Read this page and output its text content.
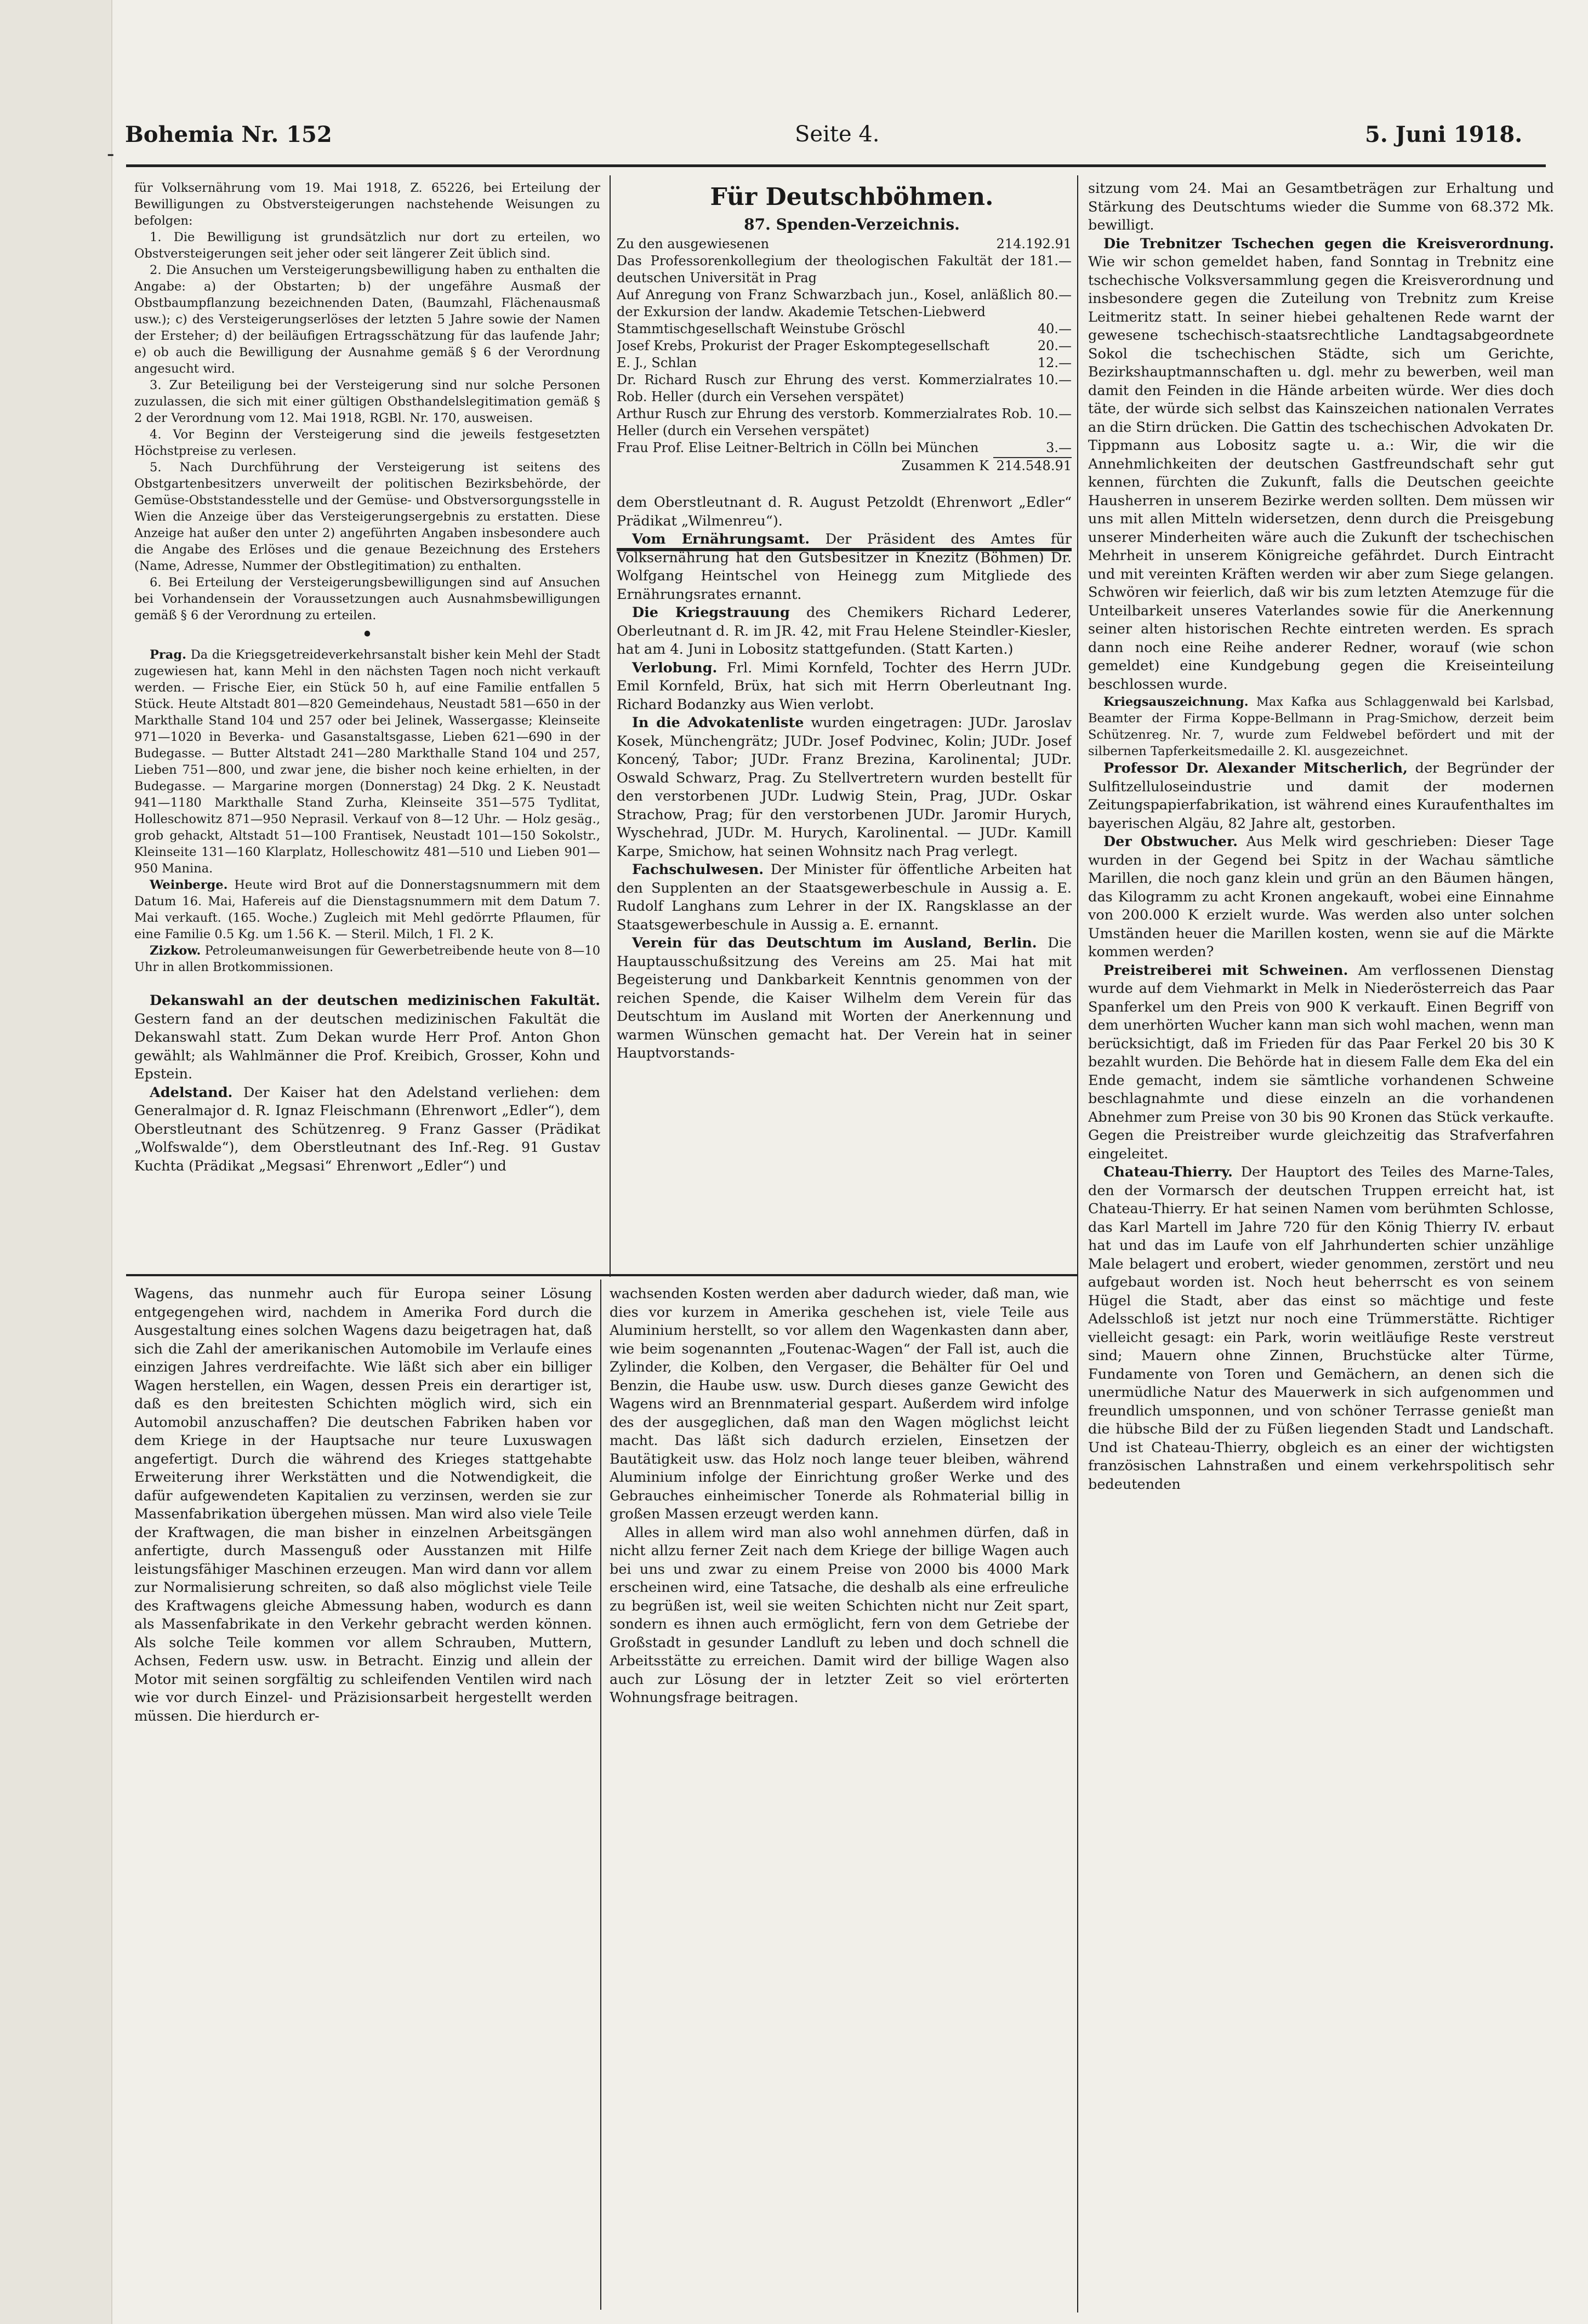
-
Bohemia Nr. 152	Seite 4.	5. Juni 1918.

für Volksernährung vom 19. Mai 1918, Z. 65226, bei Erteilung der Bewilligungen zu Obstversteigerungen nachstehende Weisungen zu befolgen:

1. Die Bewilligung ist grundsätzlich nur dort zu erteilen, wo Obstversteigerungen seit jeher oder seit längerer Zeit üblich sind.

2. Die Ansuchen um Versteigerungsbewilligung haben zu enthalten die Angabe: a) der Obstarten; b) der ungefähre Ausmaß der Obstbaumpflanzung bezeichnenden Daten, (Baumzahl, Flächenausmaß usw.); c) des Versteigerungserlöses der letzten 5 Jahre sowie der Namen der Ersteher; d) der beiläufigen Ertragsschätzung für das laufende Jahr; e) ob auch die Bewilligung der Ausnahme gemäß § 6 der Verordnung angesucht wird.

3. Zur Beteiligung bei der Versteigerung sind nur solche Personen zuzulassen, die sich mit einer gültigen Obsthandelslegitimation gemäß § 2 der Verordnung vom 12. Mai 1918, RGBl. Nr. 170, ausweisen.

4. Vor Beginn der Versteigerung sind die jeweils festgesetzten Höchstpreise zu verlesen.

5. Nach Durchführung der Versteigerung ist seitens des Obstgartenbesitzers unverweilt der politischen Bezirksbehörde, der Gemüse-Obststandesstelle und der Gemüse- und Obstversorgungsstelle in Wien die Anzeige über das Versteigerungsergebnis zu erstatten. Diese Anzeige hat außer den unter 2) angeführten Angaben insbesondere auch die Angabe des Erlöses und die genaue Bezeichnung des Erstehers (Name, Adresse, Nummer der Obstlegitimation) zu enthalten.

6. Bei Erteilung der Versteigerungsbewilligungen sind auf Ansuchen bei Vorhandensein der Voraussetzungen auch Ausnahmsbewilligungen gemäß § 6 der Verordnung zu erteilen.

•

Prag. Da die Kriegsgetreideverkehrsanstalt bisher kein Mehl der Stadt zugewiesen hat, kann Mehl in den nächsten Tagen noch nicht verkauft werden. — Frische Eier, ein Stück 50 h, auf eine Familie entfallen 5 Stück. Heute Altstadt 801—820 Gemeindehaus, Neustadt 581—650 in der Markthalle Stand 104 und 257 oder bei Jelinek, Wassergasse; Kleinseite 971—1020 in Beverka- und Gasanstaltsgasse, Lieben 621—690 in der Budegasse. — Butter Altstadt 241—280 Markthalle Stand 104 und 257, Lieben 751—800, und zwar jene, die bisher noch keine erhielten, in der Budegasse. — Margarine morgen (Donnerstag) 24 Dkg. 2 K. Neustadt 941—1180 Markthalle Stand Zurha, Kleinseite 351—575 Tydlitat, Holleschowitz 871—950 Neprasil. Verkauf von 8—12 Uhr. — Holz gesäg., grob gehackt, Altstadt 51—100 Frantisek, Neustadt 101—150 Sokolstr., Kleinseite 131—160 Klarplatz, Holleschowitz 481—510 und Lieben 901—950 Manina.

Weinberge. Heute wird Brot auf die Donnerstagsnummern mit dem Datum 16. Mai, Hafereis auf die Dienstagsnummern mit dem Datum 7. Mai verkauft. (165. Woche.) Zugleich mit Mehl gedörrte Pflaumen, für eine Familie 0.5 Kg. um 1.56 K. — Steril. Milch, 1 Fl. 2 K.

Zizkow. Petroleumanweisungen für Gewerbetreibende heute von 8—10 Uhr in allen Brotkommissionen.

Dekanswahl an der deutschen medizinischen Fakultät. Gestern fand an der deutschen medizinischen Fakultät die Dekanswahl statt. Zum Dekan wurde Herr Prof. Anton Ghon gewählt; als Wahlmänner die Prof. Kreibich, Grosser, Kohn und Epstein.

Adelstand. Der Kaiser hat den Adelstand verliehen: dem Generalmajor d. R. Ignaz Fleischmann (Ehrenwort „Edler“), dem Oberstleutnant des Schützenreg. 9 Franz Gasser (Prädikat „Wolfswalde“), dem Oberstleutnant des Inf.-Reg. 91 Gustav Kuchta (Prädikat „Megsasi“ Ehrenwort „Edler“) und

Für Deutschböhmen.

87. Spenden-Verzeichnis.

Zu den ausgewiesenen	214.192.91
Das Professorenkollegium der theologischen Fakultät der deutschen Universität in Prag
181.—
Auf Anregung von Franz Schwarzbach jun., Kosel, anläßlich der Exkursion der landw. Akademie Tetschen-Liebwerd
80.—
Stammtischgesellschaft Weinstube Gröschl	40.—
Josef Krebs, Prokurist der Prager Eskomptegesellschaft	20.—
E. J., Schlan	12.—
Dr. Richard Rusch zur Ehrung des verst. Kommerzialrates Rob. Heller (durch ein Versehen verspätet)
10.—
Arthur Rusch zur Ehrung des verstorb. Kommerzialrates Rob. Heller (durch ein Versehen verspätet)
10.—
Frau Prof. Elise Leitner-Beltrich in Cölln bei München	3.—
Zusammen K 214.548.91

dem Oberstleutnant d. R. August Petzoldt (Ehrenwort „Edler“ Prädikat „Wilmenreu“).

Vom Ernährungsamt. Der Präsident des Amtes für Volksernährung hat den Gutsbesitzer in Knezitz (Böhmen) Dr. Wolfgang Heintschel von Heinegg zum Mitgliede des Ernährungsrates ernannt.

Die Kriegstrauung des Chemikers Richard Lederer, Oberleutnant d. R. im JR. 42, mit Frau Helene Steindler-Kiesler, hat am 4. Juni in Lobositz stattgefunden. (Statt Karten.)

Verlobung. Frl. Mimi Kornfeld, Tochter des Herrn JUDr. Emil Kornfeld, Brüx, hat sich mit Herrn Oberleutnant Ing. Richard Bodanzky aus Wien verlobt.

In die Advokatenliste wurden eingetragen: JUDr. Jaroslav Kosek, Münchengrätz; JUDr. Josef Podvinec, Kolin; JUDr. Josef Koncený, Tabor; JUDr. Franz Brezina, Karolinental; JUDr. Oswald Schwarz, Prag. Zu Stellvertretern wurden bestellt für den verstorbenen JUDr. Ludwig Stein, Prag, JUDr. Oskar Strachow, Prag; für den verstorbenen JUDr. Jaromir Hurych, Wyschehrad, JUDr. M. Hurych, Karolinental. — JUDr. Kamill Karpe, Smichow, hat seinen Wohnsitz nach Prag verlegt.

Fachschulwesen. Der Minister für öffentliche Arbeiten hat den Supplenten an der Staatsgewerbeschule in Aussig a. E. Rudolf Langhans zum Lehrer in der IX. Rangsklasse an der Staatsgewerbeschule in Aussig a. E. ernannt.

Verein für das Deutschtum im Ausland, Berlin. Die Hauptausschußsitzung des Vereins am 25. Mai hat mit Begeisterung und Dankbarkeit Kenntnis genommen von der reichen Spende, die Kaiser Wilhelm dem Verein für das Deutschtum im Ausland mit Worten der Anerkennung und warmen Wünschen gemacht hat. Der Verein hat in seiner Hauptvorstands-

sitzung vom 24. Mai an Gesamtbeträgen zur Erhaltung und Stärkung des Deutschtums wieder die Summe von 68.372 Mk. bewilligt.

Die Trebnitzer Tschechen gegen die Kreisverordnung. Wie wir schon gemeldet haben, fand Sonntag in Trebnitz eine tschechische Volksversammlung gegen die Kreisverordnung und insbesondere gegen die Zuteilung von Trebnitz zum Kreise Leitmeritz statt. In seiner hiebei gehaltenen Rede warnt der gewesene tschechisch-staatsrechtliche Landtagsabgeordnete Sokol die tschechischen Städte, sich um Gerichte, Bezirkshauptmannschaften u. dgl. mehr zu bewerben, weil man damit den Feinden in die Hände arbeiten würde. Wer dies doch täte, der würde sich selbst das Kainszeichen nationalen Verrates an die Stirn drücken. Die Gattin des tschechischen Advokaten Dr. Tippmann aus Lobositz sagte u. a.: Wir, die wir die Annehmlichkeiten der deutschen Gastfreundschaft sehr gut kennen, fürchten die Zukunft, falls die Deutschen geeichte Hausherren in unserem Bezirke werden sollten. Dem müssen wir uns mit allen Mitteln widersetzen, denn durch die Preisgebung unserer Minderheiten wäre auch die Zukunft der tschechischen Mehrheit in unserem Königreiche gefährdet. Durch Eintracht und mit vereinten Kräften werden wir aber zum Siege gelangen. Schwören wir feierlich, daß wir bis zum letzten Atemzuge für die Unteilbarkeit unseres Vaterlandes sowie für die Anerkennung seiner alten historischen Rechte eintreten werden. Es sprach dann noch eine Reihe anderer Redner, worauf (wie schon gemeldet) eine Kundgebung gegen die Kreiseinteilung beschlossen wurde.

Kriegsauszeichnung. Max Kafka aus Schlaggenwald bei Karlsbad, Beamter der Firma Koppe-Bellmann in Prag-Smichow, derzeit beim Schützenreg. Nr. 7, wurde zum Feldwebel befördert und mit der silbernen Tapferkeitsmedaille 2. Kl. ausgezeichnet.

Professor Dr. Alexander Mitscherlich, der Begründer der Sulfitzelluloseindustrie und damit der modernen Zeitungspapierfabrikation, ist während eines Kuraufenthaltes im bayerischen Algäu, 82 Jahre alt, gestorben.

Der Obstwucher. Aus Melk wird geschrieben: Dieser Tage wurden in der Gegend bei Spitz in der Wachau sämtliche Marillen, die noch ganz klein und grün an den Bäumen hängen, das Kilogramm zu acht Kronen angekauft, wobei eine Einnahme von 200.000 K erzielt wurde. Was werden also unter solchen Umständen heuer die Marillen kosten, wenn sie auf die Märkte kommen werden?

Preistreiberei mit Schweinen. Am verflossenen Dienstag wurde auf dem Viehmarkt in Melk in Niederösterreich das Paar Spanferkel um den Preis von 900 K verkauft. Einen Begriff von dem unerhörten Wucher kann man sich wohl machen, wenn man berücksichtigt, daß im Frieden für das Paar Ferkel 20 bis 30 K bezahlt wurden. Die Behörde hat in diesem Falle dem Eka del ein Ende gemacht, indem sie sämtliche vorhandenen Schweine beschlagnahmte und diese einzeln an die vorhandenen Abnehmer zum Preise von 30 bis 90 Kronen das Stück verkaufte. Gegen die Preistreiber wurde gleichzeitig das Strafverfahren eingeleitet.

Chateau-Thierry. Der Hauptort des Teiles des Marne-Tales, den der Vormarsch der deutschen Truppen erreicht hat, ist Chateau-Thierry. Er hat seinen Namen vom berühmten Schlosse, das Karl Martell im Jahre 720 für den König Thierry IV. erbaut hat und das im Laufe von elf Jahrhunderten schier unzählige Male belagert und erobert, wieder genommen, zerstört und neu aufgebaut worden ist. Noch heut beherrscht es von seinem Hügel die Stadt, aber das einst so mächtige und feste Adelsschloß ist jetzt nur noch eine Trümmerstätte. Richtiger vielleicht gesagt: ein Park, worin weitläufige Reste verstreut sind; Mauern ohne Zinnen, Bruchstücke alter Türme, Fundamente von Toren und Gemächern, an denen sich die unermüdliche Natur des Mauerwerk in sich aufgenommen und freundlich umsponnen, und von schöner Terrasse genießt man die hübsche Bild der zu Füßen liegenden Stadt und Landschaft. Und ist Chateau-Thierry, obgleich es an einer der wichtigsten französischen Lahnstraßen und einem verkehrspolitisch sehr bedeutenden

Wagens, das nunmehr auch für Europa seiner Lösung entgegengehen wird, nachdem in Amerika Ford durch die Ausgestaltung eines solchen Wagens dazu beigetragen hat, daß sich die Zahl der amerikanischen Automobile im Verlaufe eines einzigen Jahres verdreifachte. Wie läßt sich aber ein billiger Wagen herstellen, ein Wagen, dessen Preis ein derartiger ist, daß es den breitesten Schichten möglich wird, sich ein Automobil anzuschaffen? Die deutschen Fabriken haben vor dem Kriege in der Hauptsache nur teure Luxuswagen angefertigt. Durch die während des Krieges stattgehabte Erweiterung ihrer Werkstätten und die Notwendigkeit, die dafür aufgewendeten Kapitalien zu verzinsen, werden sie zur Massenfabrikation übergehen müssen. Man wird also viele Teile der Kraftwagen, die man bisher in einzelnen Arbeitsgängen anfertigte, durch Massenguß oder Ausstanzen mit Hilfe leistungsfähiger Maschinen erzeugen. Man wird dann vor allem zur Normalisierung schreiten, so daß also möglichst viele Teile des Kraftwagens gleiche Abmessung haben, wodurch es dann als Massenfabrikate in den Verkehr gebracht werden können. Als solche Teile kommen vor allem Schrauben, Muttern, Achsen, Federn usw. usw. in Betracht. Einzig und allein der Motor mit seinen sorgfältig zu schleifenden Ventilen wird nach wie vor durch Einzel- und Präzisionsarbeit hergestellt werden müssen. Die hierdurch er-

wachsenden Kosten werden aber dadurch wieder, daß man, wie dies vor kurzem in Amerika geschehen ist, viele Teile aus Aluminium herstellt, so vor allem den Wagenkasten dann aber, wie beim sogenannten „Foutenac-Wagen“ der Fall ist, auch die Zylinder, die Kolben, den Vergaser, die Behälter für Oel und Benzin, die Haube usw. usw. Durch dieses ganze Gewicht des Wagens wird an Brennmaterial gespart. Außerdem wird infolge des der ausgeglichen, daß man den Wagen möglichst leicht macht. Das läßt sich dadurch erzielen, Einsetzen der Bautätigkeit usw. das Holz noch lange teuer bleiben, während Aluminium infolge der Einrichtung großer Werke und des Gebrauches einheimischer Tonerde als Rohmaterial billig in großen Massen erzeugt werden kann.

Alles in allem wird man also wohl annehmen dürfen, daß in nicht allzu ferner Zeit nach dem Kriege der billige Wagen auch bei uns und zwar zu einem Preise von 2000 bis 4000 Mark erscheinen wird, eine Tatsache, die deshalb als eine erfreuliche zu begrüßen ist, weil sie weiten Schichten nicht nur Zeit spart, sondern es ihnen auch ermöglicht, fern von dem Getriebe der Großstadt in gesunder Landluft zu leben und doch schnell die Arbeitsstätte zu erreichen. Damit wird der billige Wagen also auch zur Lösung der in letzter Zeit so viel erörterten Wohnungsfrage beitragen.
